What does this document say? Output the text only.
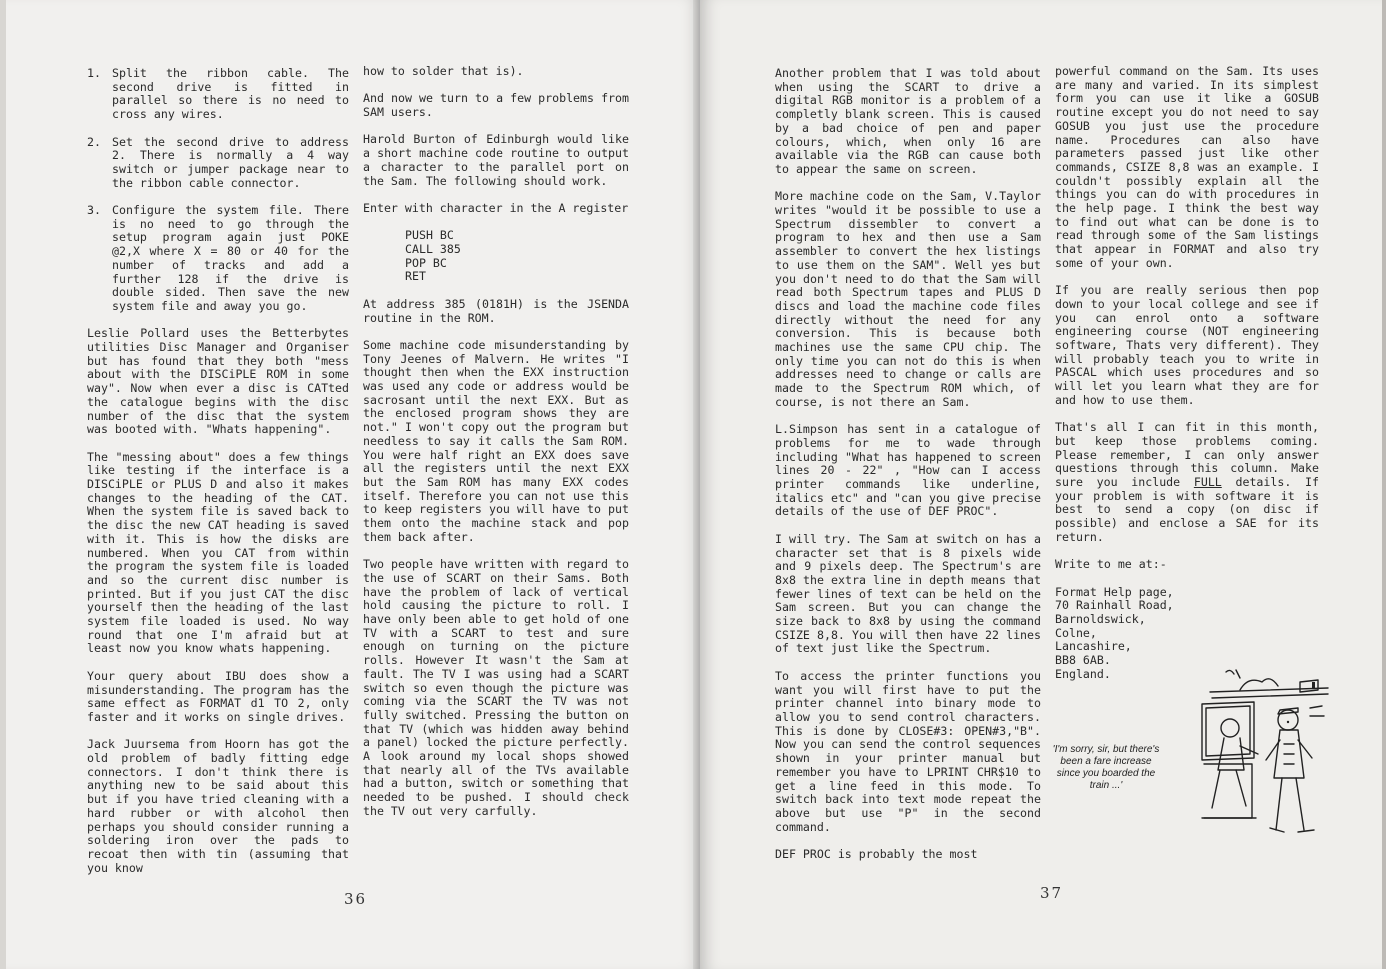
1. Split the ribbon cable. The second drive is fitted in parallel so there is no need to cross any wires.
2. Set the second drive to address 2. There is normally a 4 way switch or jumper package near to the ribbon cable connector.
3. Configure the system file. There is no need to go through the setup program again just POKE @2,X where X = 80 or 40 for the number of tracks and add a further 128 if the drive is double sided. Then save the new system file and away you go.

Leslie Pollard uses the Betterbytes utilities Disc Manager and Organiser but has found that they both "mess about with the DISCiPLE ROM in some way". Now when ever a disc is CATted the catalogue begins with the disc number of the disc that the system was booted with. "Whats happening".

The "messing about" does a few things like testing if the interface is a DISCiPLE or PLUS D and also it makes changes to the heading of the CAT. When the system file is saved back to the disc the new CAT heading is saved with it. This is how the disks are numbered. When you CAT from within the program the system file is loaded and so the current disc number is printed. But if you just CAT the disc yourself then the heading of the last system file loaded is used. No way round that one I'm afraid but at least now you know whats happening.

Your query about IBU does show a misunderstanding. The program has the same effect as FORMAT d1 TO 2, only faster and it works on single drives.

Jack Juursema from Hoorn has got the old problem of badly fitting edge connectors. I don't think there is anything new to be said about this but if you have tried cleaning with a hard rubber or with alcohol then perhaps you should consider running a soldering iron over the pads to recoat then with tin (assuming that you know

how to solder that is).

And now we turn to a few problems from SAM users.

Harold Burton of Edinburgh would like a short machine code routine to output a character to the parallel port on the Sam. The following should work.

Enter with character in the A register

PUSH BC
CALL 385
POP BC
RET

At address 385 (0181H) is the JSENDA routine in the ROM.

Some machine code misunderstanding by Tony Jeenes of Malvern. He writes "I thought then when the EXX instruction was used any code or address would be sacrosant until the next EXX. But as the enclosed program shows they are not." I won't copy out the program but needless to say it calls the Sam ROM. You were half right an EXX does save all the registers until the next EXX but the Sam ROM has many EXX codes itself. Therefore you can not use this to keep registers you will have to put them onto the machine stack and pop them back after.

Two people have written with regard to the use of SCART on their Sams. Both have the problem of lack of vertical hold causing the picture to roll. I have only been able to get hold of one TV with a SCART to test and sure enough on turning on the picture rolls. However It wasn't the Sam at fault. The TV I was using had a SCART switch so even though the picture was coming via the SCART the TV was not fully switched. Pressing the button on that TV (which was hidden away behind a panel) locked the picture perfectly. A look around my local shops showed that nearly all of the TVs available had a button, switch or something that needed to be pushed. I should check the TV out very carfully.

36

Another problem that I was told about when using the SCART to drive a digital RGB monitor is a problem of a completly blank screen. This is caused by a bad choice of pen and paper colours, which, when only 16 are available via the RGB can cause both to appear the same on screen.

More machine code on the Sam, V.Taylor writes "would it be possible to use a Spectrum dissembler to convert a program to hex and then use a Sam assembler to convert the hex listings to use them on the SAM". Well yes but you don't need to do that the Sam will read both Spectrum tapes and PLUS D discs and load the machine code files directly without the need for any conversion. This is because both machines use the same CPU chip. The only time you can not do this is when addresses need to change or calls are made to the Spectrum ROM which, of course, is not there an Sam.

L.Simpson has sent in a catalogue of problems for me to wade through including "What has happened to screen lines 20 - 22" , "How can I access printer commands like underline, italics etc" and "can you give precise details of the use of DEF PROC".

I will try. The Sam at switch on has a character set that is 8 pixels wide and 9 pixels deep. The Spectrum's are 8x8 the extra line in depth means that fewer lines of text can be held on the Sam screen. But you can change the size back to 8x8 by using the command CSIZE 8,8. You will then have 22 lines of text just like the Spectrum.

To access the printer functions you want you will first have to put the printer channel into binary mode to allow you to send control characters. This is done by CLOSE#3: OPEN#3,"B". Now you can send the control sequences shown in your printer manual but remember you have to LPRINT CHR$10 to get a line feed in this mode. To switch back into text mode repeat the above but use "P" in the second command.

DEF PROC is probably the most

powerful command on the Sam. Its uses are many and varied. In its simplest form you can use it like a GOSUB routine except you do not need to say GOSUB you just use the procedure name. Procedures can also have parameters passed just like other commands, CSIZE 8,8 was an example. I couldn't possibly explain all the things you can do with procedures in the help page. I think the best way to find out what can be done is to read through some of the Sam listings that appear in FORMAT and also try some of your own.

If you are really serious then pop down to your local college and see if you can enrol onto a software engineering course (NOT engineering software, Thats very different). They will probably teach you to write in PASCAL which uses procedures and so will let you learn what they are for and how to use them.

That's all I can fit in this month, but keep those problems coming. Please remember, I can only answer questions through this column. Make sure you include FULL details. If your problem is with software it is best to send a copy (on disc if possible) and enclose a SAE for its return.

Write to me at:-

Format Help page,
70 Rainhall Road,
Barnoldswick,
Colne,
Lancashire,
BB8 6AB.
England.
'I'm sorry, sir, but there's been a fare increase since you boarded the train ...'
37
